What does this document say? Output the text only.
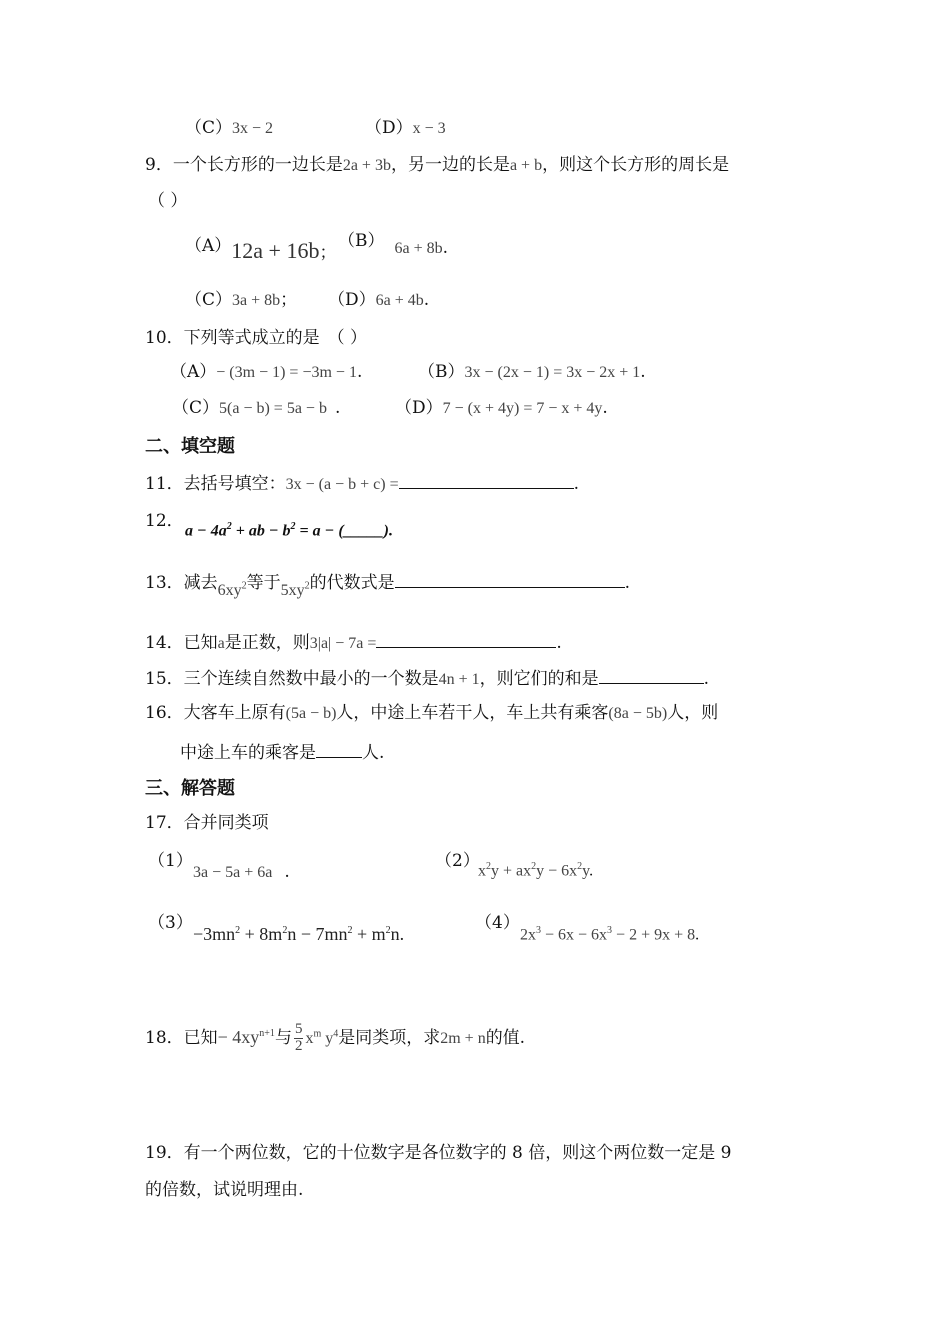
（C）3x − 2	（D）x − 3
9．一个长方形的一边长是2a + 3b，另一边的长是a + b，则这个长方形的周长是
（ ）
（A）12a + 16b；
（B） 6a + 8b.
（C）3a + 8b； （D）6a + 4b.
10．下列等式成立的是 （ ）
（A）− (3m − 1) = −3m − 1.	（B）3x − (2x − 1) = 3x − 2x + 1.
（C）5(a − b) = 5a − b .	（D）7 − (x + 4y) = 7 − x + 4y.
二、填空题
11．去括号填空：3x − (a − b + c) =	.
12． $a - 4a^2$ + ab − $b^2 = a$ − (_____).
13．减去$6xy^2$等于$5xy^2$的代数式是	.
14．已知a是正数，则3|a| − 7a =	.
15．三个连续自然数中最小的一个数是4n + 1，则它们的和是	.
16．大客车上原有(5a − b)人，中途上车若干人，车上共有乘客(8a − 5b)人，则
中途上车的乘客是	人.
三、解答题
17．合并同类项
（1）
3a − 5a + 6a .
（2）
$x^2y + ax^2y - 6x^2y$.
（3）
$-3mn^2 + 8m^2n - 7mn^2 + m^2n$.
（4）
$2x^3 - 6x - 6x^3 - 2 + 9x + 8$.
18．已知− $4xy^{n+1}$与 $\frac{5}{2} x^m$ $y^4$是同类项，求2m + n的值.
19．有一个两位数，它的十位数字是各位数字的 8 倍，则这个两位数一定是 9
的倍数，试说明理由.
